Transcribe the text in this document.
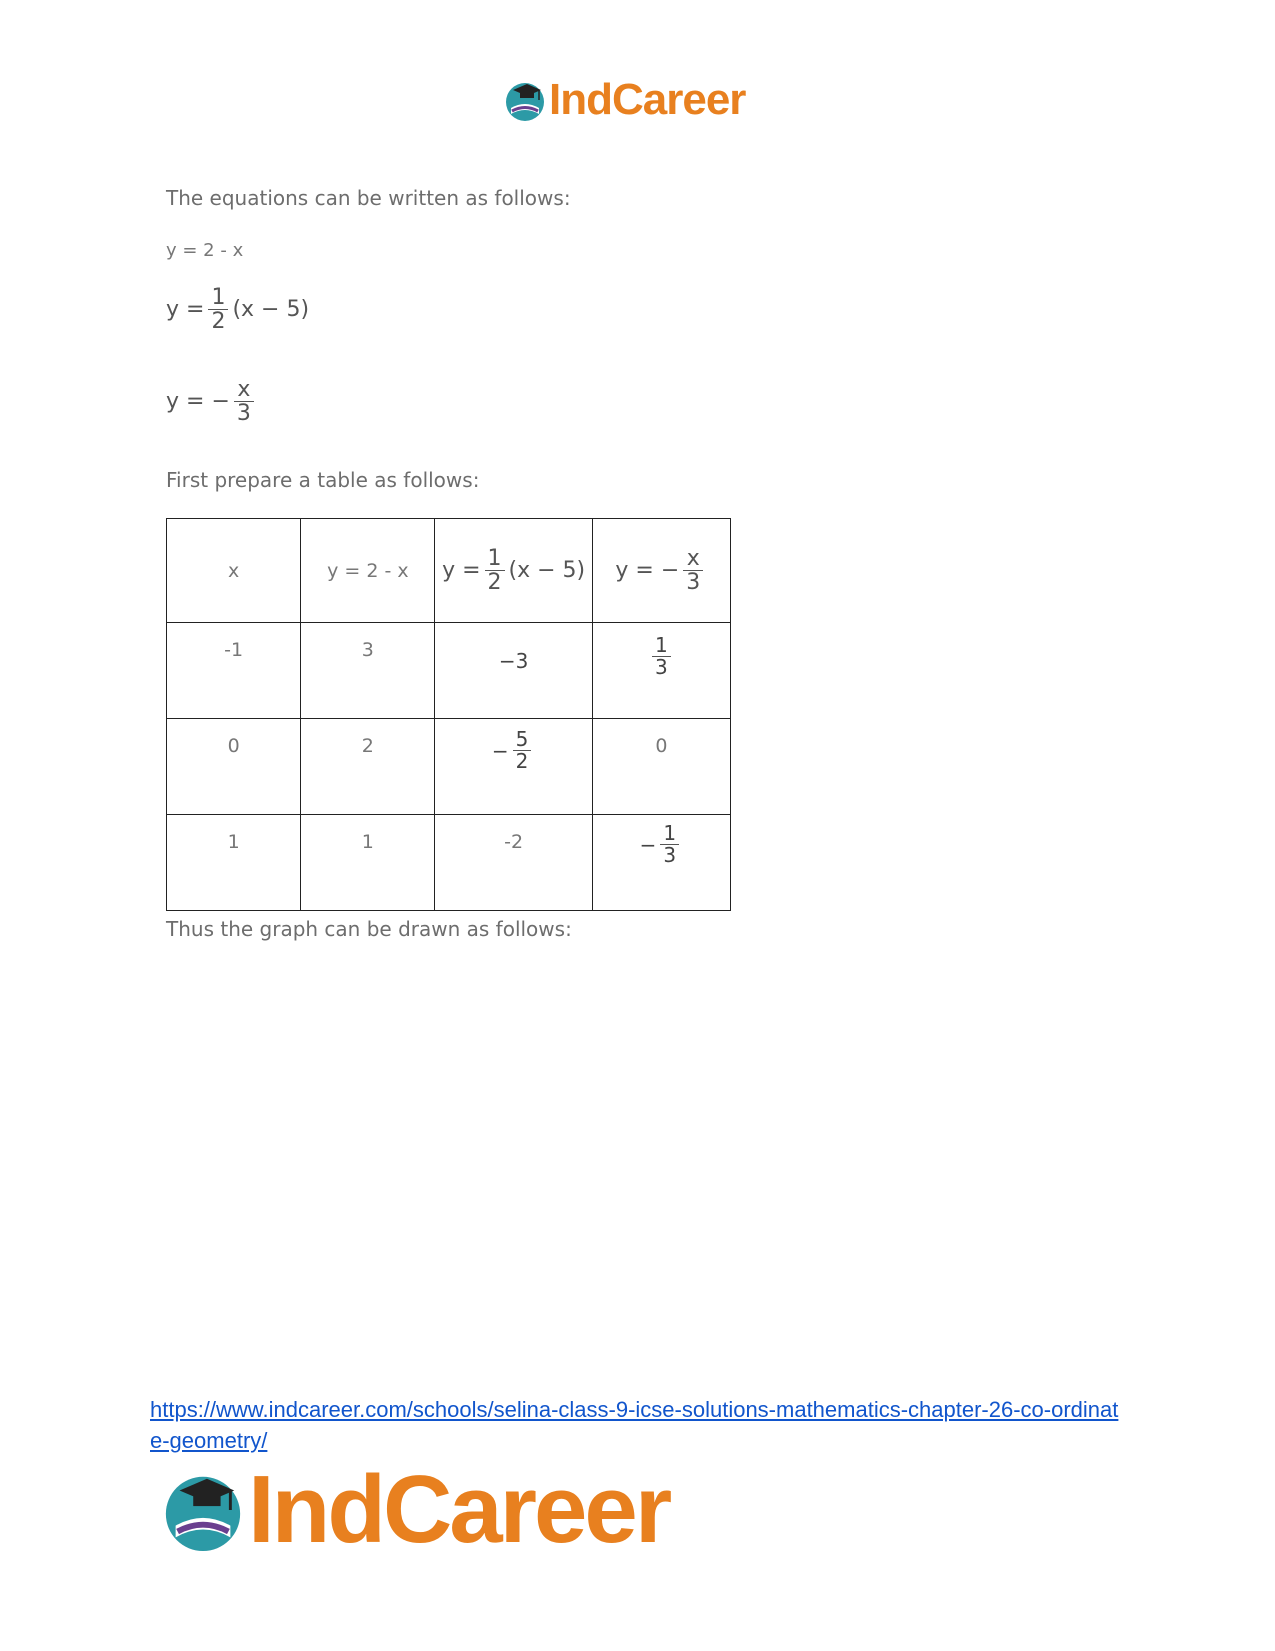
IndCareer
The equations can be written as follows:
y = 2 - x
$y = \frac{1}{2} (x - 5)$
y = − $\frac{x}{3}$
First prepare a table as follows:
x	y = 2 - x	$y = \frac{1}{2} (x - 5)$	y = − $\frac{x}{3}$

-1	3	−3	$\frac{1}{3}$

0	2	− $\frac{5}{2}$	0
1	1	-2	− $\frac{1}{3}$
Thus the graph can be drawn as follows:
https://www.indcareer.com/schools/selina-class-9-icse-solutions-mathematics-chapter-26-co-ordinate-geometry/
IndCareer
